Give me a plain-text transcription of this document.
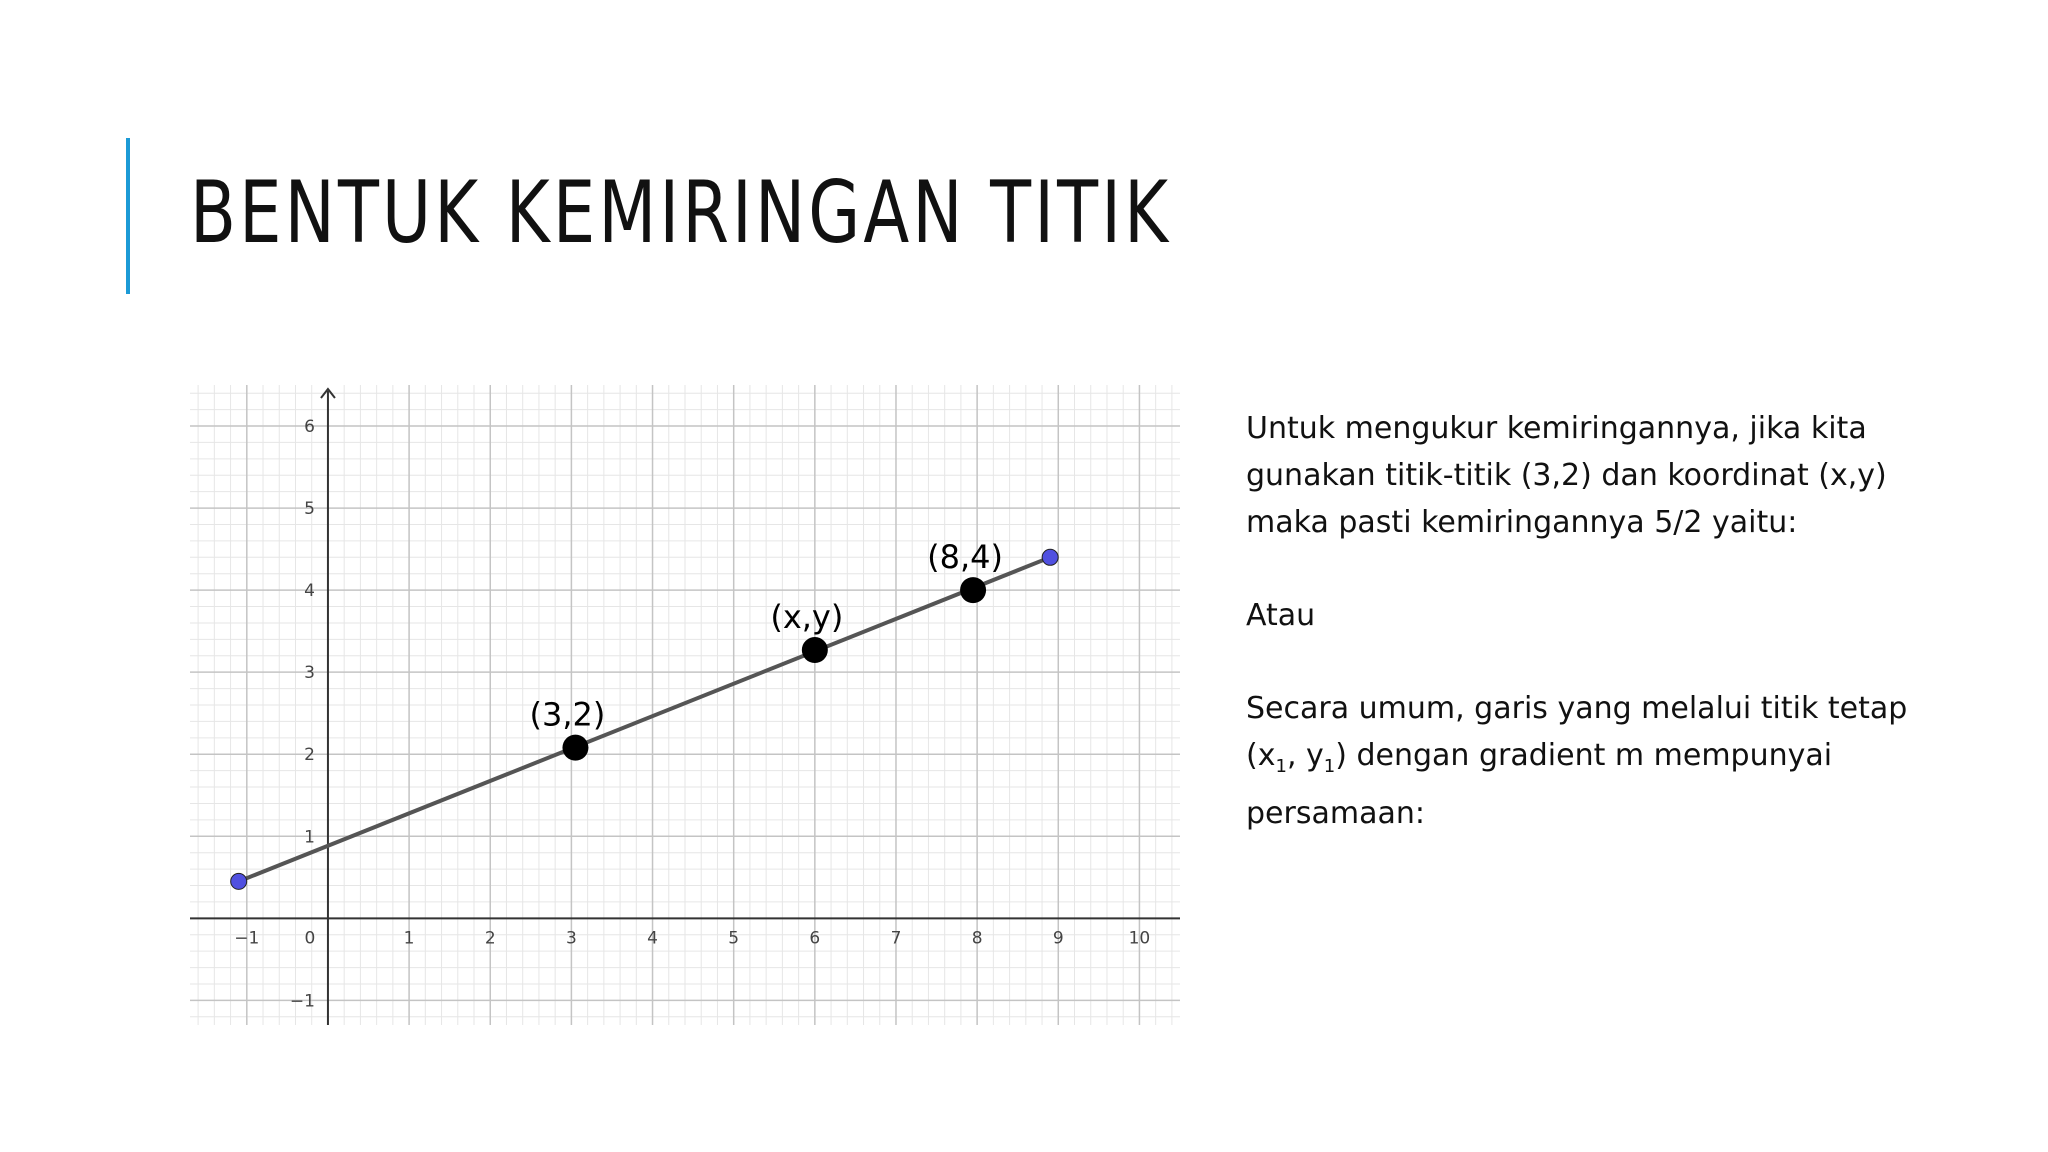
BENTUK KEMIRINGAN TITIK
−1	0	1	2	3	4	5	6	7	8	9	10
−1
1
2
3
4
5
6
(3,2)
(x,y)
(8,4)

Untuk mengukur kemiringannya, jika kita gunakan titik-titik (3,2) dan koordinat (x,y) maka pasti kemiringannya 5/2 yaitu:

Atau

Secara umum, garis yang melalui titik tetap
($x_1$, $y_1$) dengan gradient m mempunyai
persamaan:
